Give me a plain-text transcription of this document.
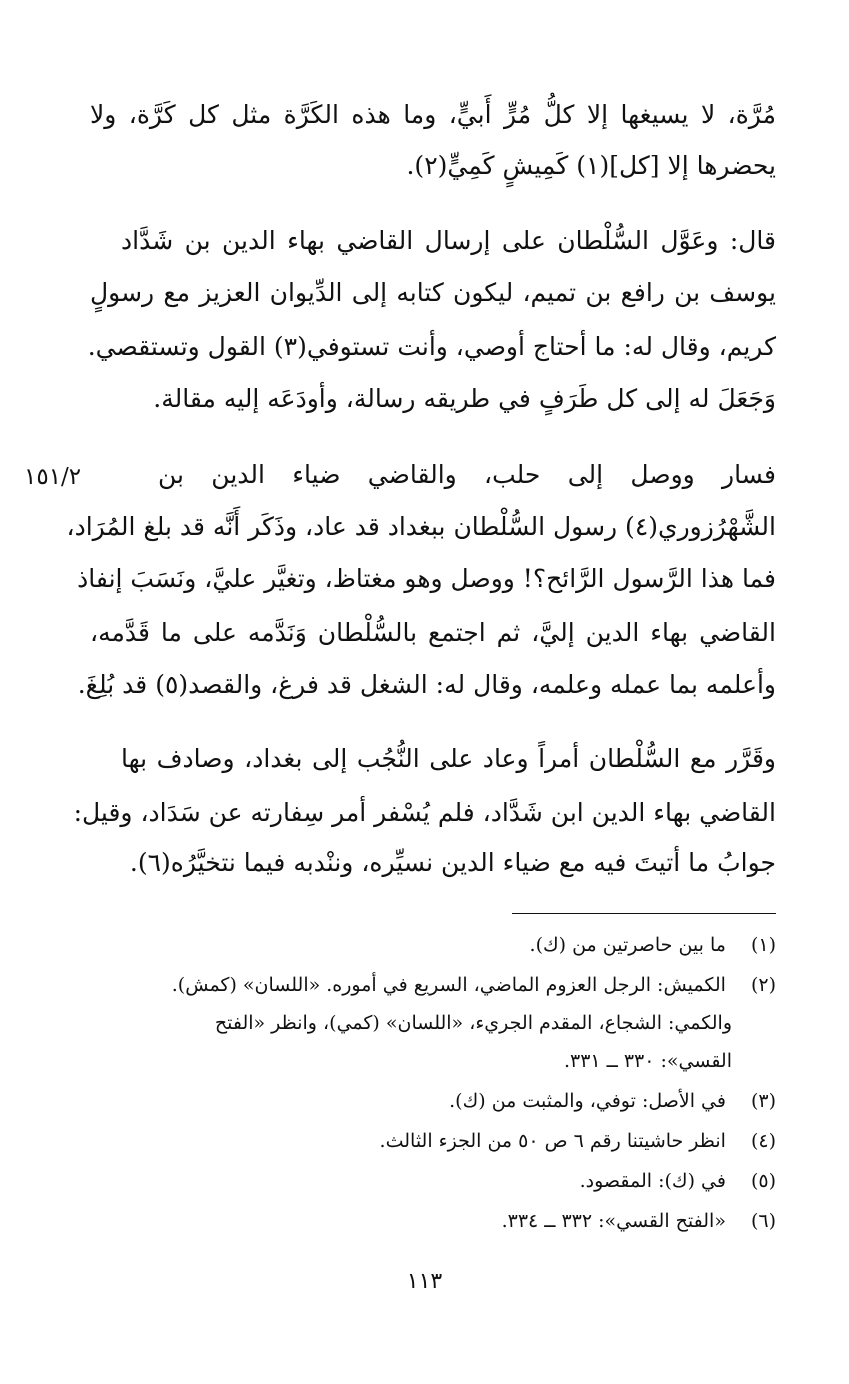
مُرَّة، لا يسيغها إلا كلُّ مُرٍّ أَبيٍّ، وما هذه الكَرَّة مثل كل كَرَّة، ولا
يحضرها إلا [كل](١) كَمِيشٍ كَمِيٍّ(٢).
قال: وعَوَّل السُّلْطان على إرسال القاضي بهاء الدين بن شَدَّاد
يوسف بن رافع بن تميم، ليكون كتابه إلى الدِّيوان العزيز مع رسولٍ
كريم، وقال له: ما أحتاج أوصي، وأنت تستوفي(٣) القول وتستقصي.
وَجَعَلَ له إلى كل طَرَفٍ في طريقه رسالة، وأودَعَه إليه مقالة.
فسار ووصل إلى حلب، والقاضي ضياء الدين بن
الشَّهْرُزوري(٤) رسول السُّلْطان ببغداد قد عاد، وذَكَر أَنَّه قد بلغ المُرَاد،
فما هذا الرَّسول الرَّائح؟! ووصل وهو مغتاظ، وتغيَّر عليَّ، ونَسَبَ إنفاذ
القاضي بهاء الدين إليَّ، ثم اجتمع بالسُّلْطان وَنَدَّمه على ما قَدَّمه،
وأعلمه بما عمله وعلمه، وقال له: الشغل قد فرغ، والقصد(٥) قد بُلِغَ.
وقَرَّر مع السُّلْطان أمراً وعاد على النُّجُب إلى بغداد، وصادف بها
القاضي بهاء الدين ابن شَدَّاد، فلم يُسْفر أمر سِفارته عن سَدَاد، وقيل:
جوابُ ما أتيتَ فيه مع ضياء الدين نسيِّره، وننْدبه فيما نتخيَّرُه(٦).
١٥١/٢
(١) ما بين حاصرتين من (ك).
(٢) الكميش: الرجل العزوم الماضي، السريع في أموره. «اللسان» (كمش).
والكمي: الشجاع، المقدم الجريء، «اللسان» (كمي)، وانظر «الفتح
القسي»: ٣٣٠ ــ ٣٣١.
(٣) في الأصل: توفي، والمثبت من (ك).
(٤) انظر حاشيتنا رقم ٦ ص ٥٠ من الجزء الثالث.
(٥) في (ك): المقصود.
(٦) «الفتح القسي»: ٣٣٢ ــ ٣٣٤.
١١٣
